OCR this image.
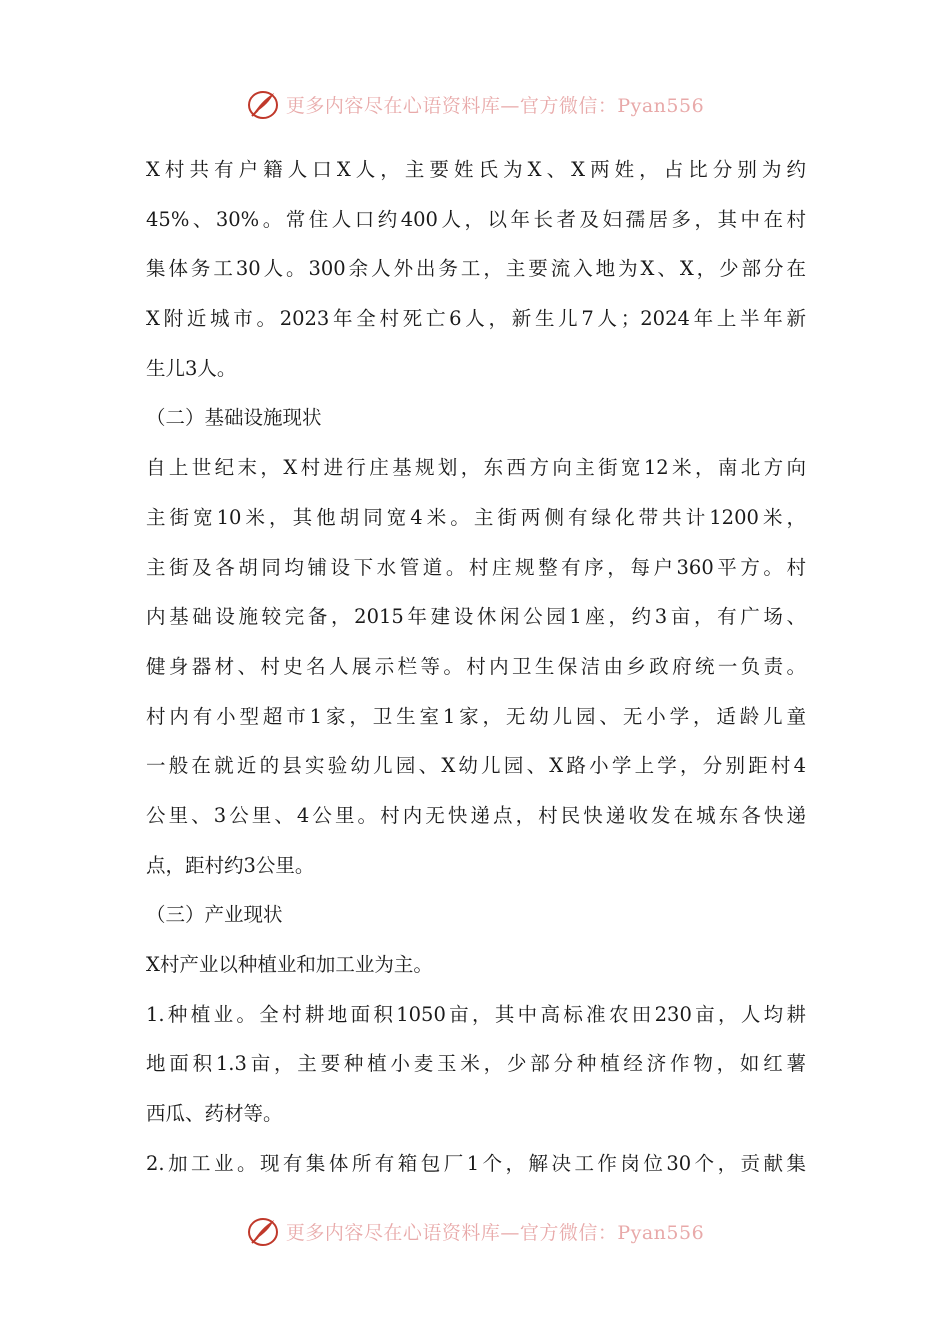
更多内容尽在心语资料库—官方微信：Pyan556
X村共有户籍人口X人，主要姓氏为X、X两姓，占比分别为约
45%、30%。常住人口约400人，以年长者及妇孺居多，其中在村
集体务工30人。300余人外出务工，主要流入地为X、X，少部分在
X附近城市。2023年全村死亡6人，新生儿7人；2024年上半年新
生儿3人。
（二）基础设施现状
自上世纪末，X村进行庄基规划，东西方向主街宽12米，南北方向
主街宽10米，其他胡同宽4米。主街两侧有绿化带共计1200米，
主街及各胡同均铺设下水管道。村庄规整有序，每户360平方。村
内基础设施较完备，2015年建设休闲公园1座，约3亩，有广场、
健身器材、村史名人展示栏等。村内卫生保洁由乡政府统一负责。
村内有小型超市1家，卫生室1家，无幼儿园、无小学，适龄儿童
一般在就近的县实验幼儿园、X幼儿园、X路小学上学，分别距村4
公里、3公里、4公里。村内无快递点，村民快递收发在城东各快递
点，距村约3公里。
（三）产业现状
X村产业以种植业和加工业为主。
1.种植业。全村耕地面积1050亩，其中高标准农田230亩，人均耕
地面积1.3亩，主要种植小麦玉米，少部分种植经济作物，如红薯
西瓜、药材等。
2.加工业。现有集体所有箱包厂1个，解决工作岗位30个，贡献集
更多内容尽在心语资料库—官方微信：Pyan556
